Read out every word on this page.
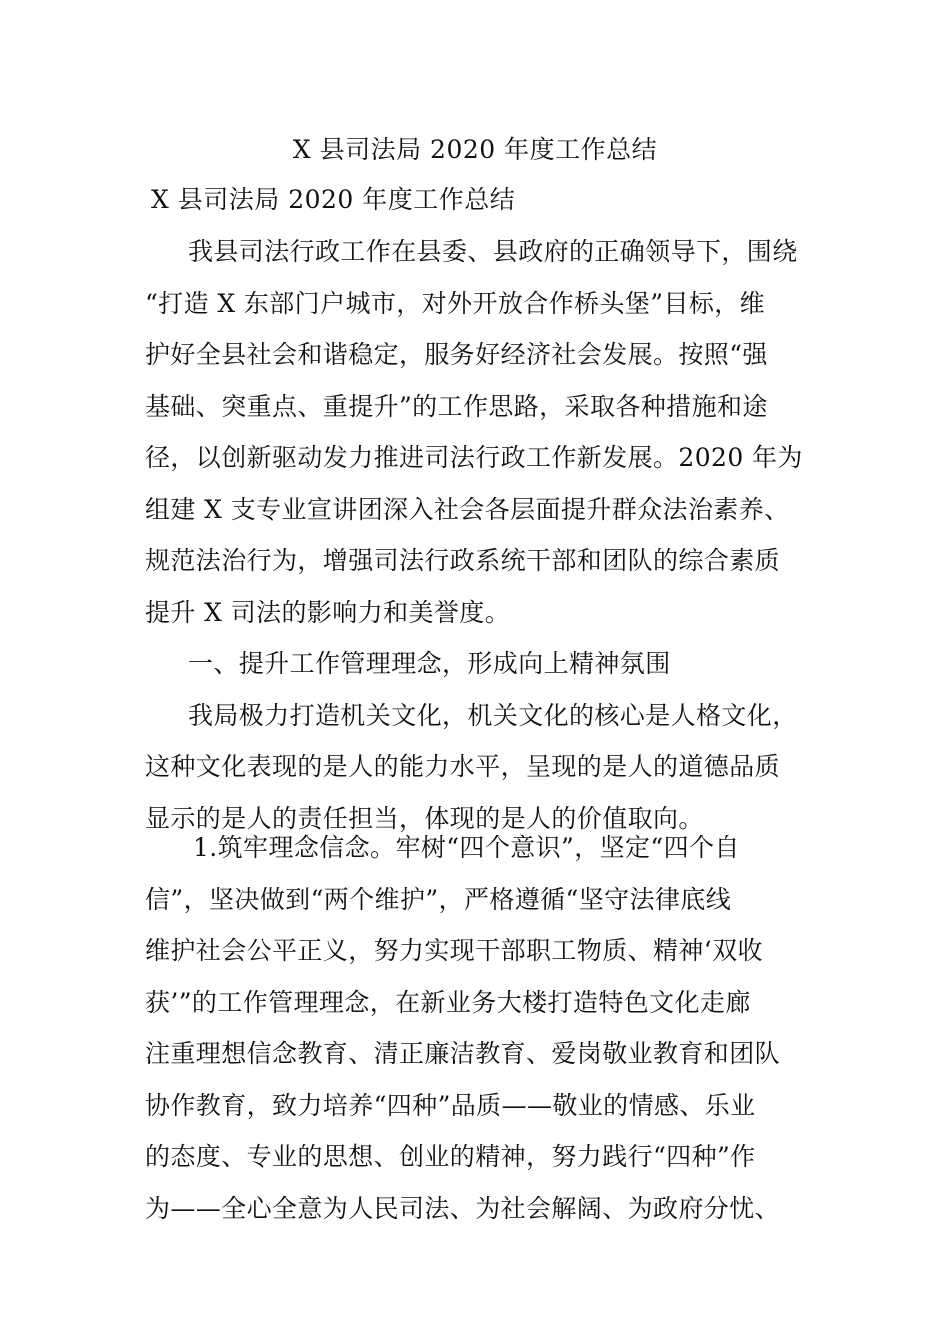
X 县司法局 2020 年度工作总结
X 县司法局 2020 年度工作总结
我县司法行政工作在县委、县政府的正确领导下，围绕
“打造 X 东部门户城市，对外开放合作桥头堡”目标，维
护好全县社会和谐稳定，服务好经济社会发展。按照“强
基础、突重点、重提升”的工作思路，采取各种措施和途
径，以创新驱动发力推进司法行政工作新发展。2020 年为
组建 X 支专业宣讲团深入社会各层面提升群众法治素养、
规范法治行为，增强司法行政系统干部和团队的综合素质
提升 X 司法的影响力和美誉度。
一、提升工作管理理念，形成向上精神氛围
我局极力打造机关文化，机关文化的核心是人格文化，
这种文化表现的是人的能力水平，呈现的是人的道德品质
显示的是人的责任担当，体现的是人的价值取向。
1.筑牢理念信念。牢树“四个意识”，坚定“四个自
信”，坚决做到“两个维护”，严格遵循“坚守法律底线
维护社会公平正义，努力实现干部职工物质、精神‘双收
获’”的工作管理理念，在新业务大楼打造特色文化走廊
注重理想信念教育、清正廉洁教育、爱岗敬业教育和团队
协作教育，致力培养“四种”品质——敬业的情感、乐业
的态度、专业的思想、创业的精神，努力践行“四种”作
为——全心全意为人民司法、为社会解阔、为政府分忧、
